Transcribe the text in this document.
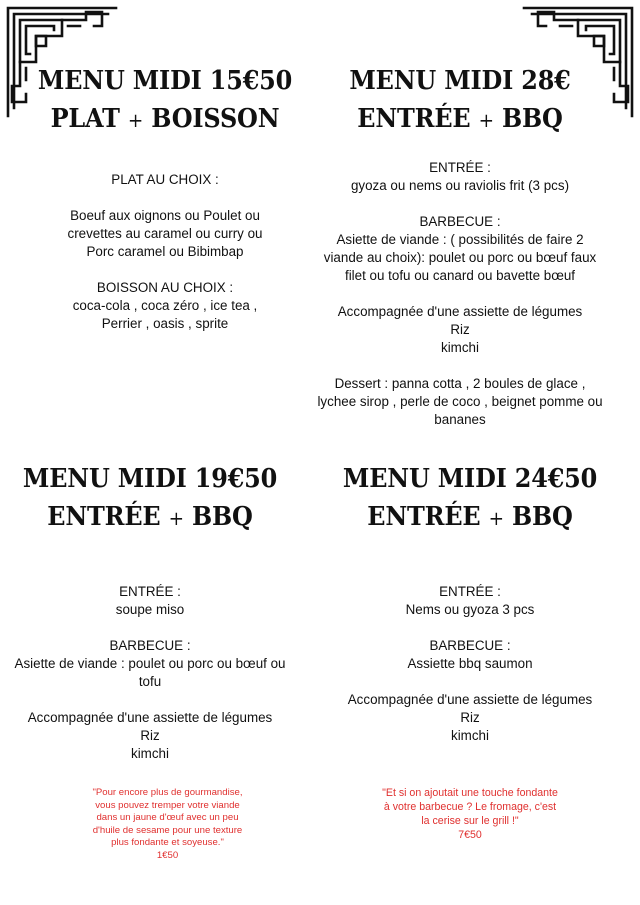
MENU MIDI 15€50
PLAT + BOISSON

PLAT AU CHOIX :

Boeuf aux oignons ou Poulet ou

crevettes au caramel ou curry ou

Porc caramel ou Bibimbap

BOISSON AU CHOIX :

coca-cola , coca zéro , ice tea ,

Perrier , oasis , sprite

MENU MIDI 28€
ENTRÉE + BBQ

ENTRÉE :

gyoza ou nems ou raviolis frit (3 pcs)

BARBECUE :

Asiette de viande : ( possibilités de faire 2

viande au choix): poulet ou porc ou bœuf faux

filet ou tofu ou canard ou bavette bœuf

Accompagnée d'une assiette de légumes

Riz

kimchi

Dessert : panna cotta , 2 boules de glace ,

lychee sirop , perle de coco , beignet pomme ou

bananes

MENU MIDI 19€50
ENTRÉE + BBQ

ENTRÉE :

soupe miso

BARBECUE :

Asiette de viande : poulet ou porc ou bœuf ou

tofu

Accompagnée d'une assiette de légumes

Riz

kimchi

"Pour encore plus de gourmandise,

vous pouvez tremper votre viande

dans un jaune d'œuf avec un peu

d'huile de sesame pour une texture

plus fondante et soyeuse."

1€50

MENU MIDI 24€50
ENTRÉE + BBQ

ENTRÉE :

Nems ou gyoza 3 pcs

BARBECUE :

Assiette bbq saumon

Accompagnée d'une assiette de légumes

Riz

kimchi

"Et si on ajoutait une touche fondante

à votre barbecue ? Le fromage, c'est

la cerise sur le grill !"

7€50
